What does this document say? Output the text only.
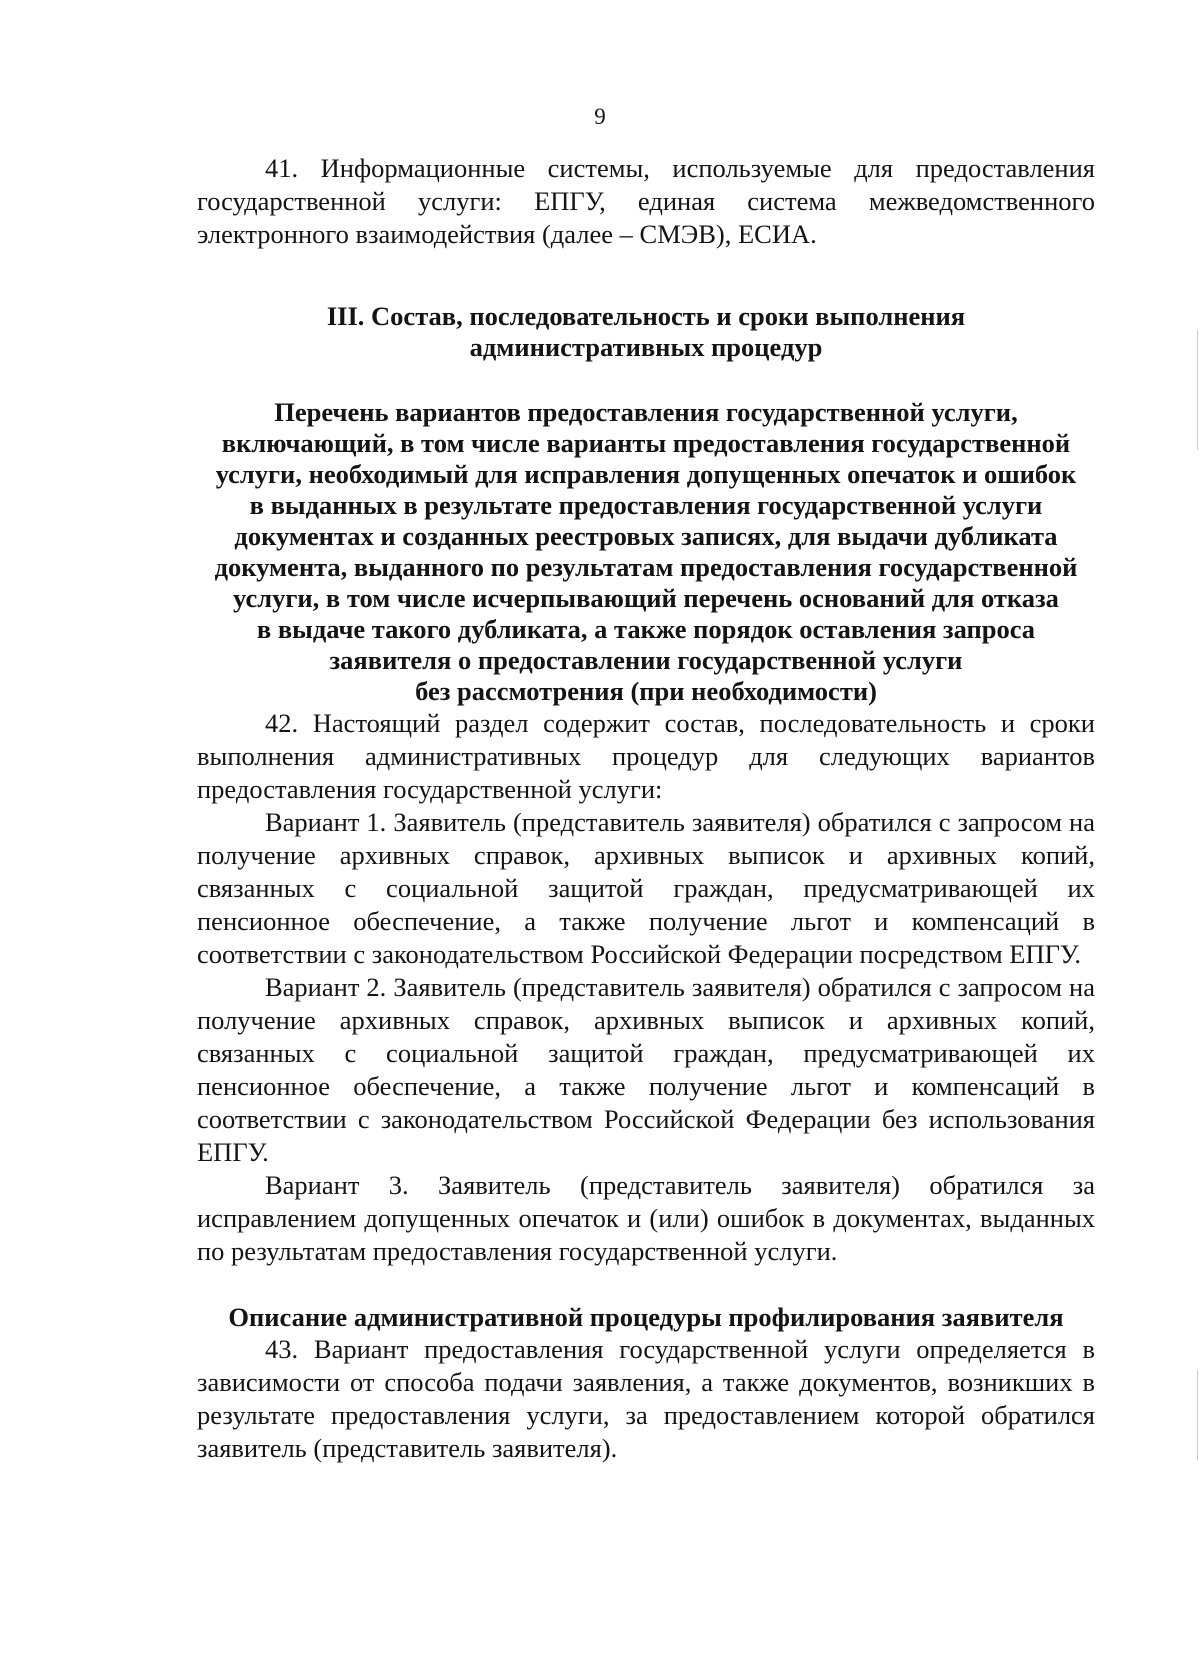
9

41. Информационные системы, используемые для предоставления государственной услуги: ЕПГУ, единая система межведомственного электронного взаимодействия (далее – СМЭВ), ЕСИА.

III. Состав, последовательность и сроки выполнения
административных процедур
Перечень вариантов предоставления государственной услуги,
включающий, в том числе варианты предоставления государственной
услуги, необходимый для исправления допущенных опечаток и ошибок
в выданных в результате предоставления государственной услуги
документах и созданных реестровых записях, для выдачи дубликата
документа, выданного по результатам предоставления государственной
услуги, в том числе исчерпывающий перечень оснований для отказа
в выдаче такого дубликата, а также порядок оставления запроса
заявителя о предоставлении государственной услуги
без рассмотрения (при необходимости)

42. Настоящий раздел содержит состав, последовательность и сроки выполнения административных процедур для следующих вариантов предоставления государственной услуги:

Вариант 1. Заявитель (представитель заявителя) обратился с запросом на получение архивных справок, архивных выписок и архивных копий, связанных с социальной защитой граждан, предусматривающей их пенсионное обеспечение, а также получение льгот и компенсаций в соответствии с законодательством Российской Федерации посредством ЕПГУ.

Вариант 2. Заявитель (представитель заявителя) обратился с запросом на получение архивных справок, архивных выписок и архивных копий, связанных с социальной защитой граждан, предусматривающей их пенсионное обеспечение, а также получение льгот и компенсаций в соответствии с законодательством Российской Федерации без использования ЕПГУ.

Вариант 3. Заявитель (представитель заявителя) обратился за исправлением допущенных опечаток и (или) ошибок в документах, выданных по результатам предоставления государственной услуги.

Описание административной процедуры профилирования заявителя

43. Вариант предоставления государственной услуги определяется в зависимости от способа подачи заявления, а также документов, возникших в результате предоставления услуги, за предоставлением которой обратился заявитель (представитель заявителя).
